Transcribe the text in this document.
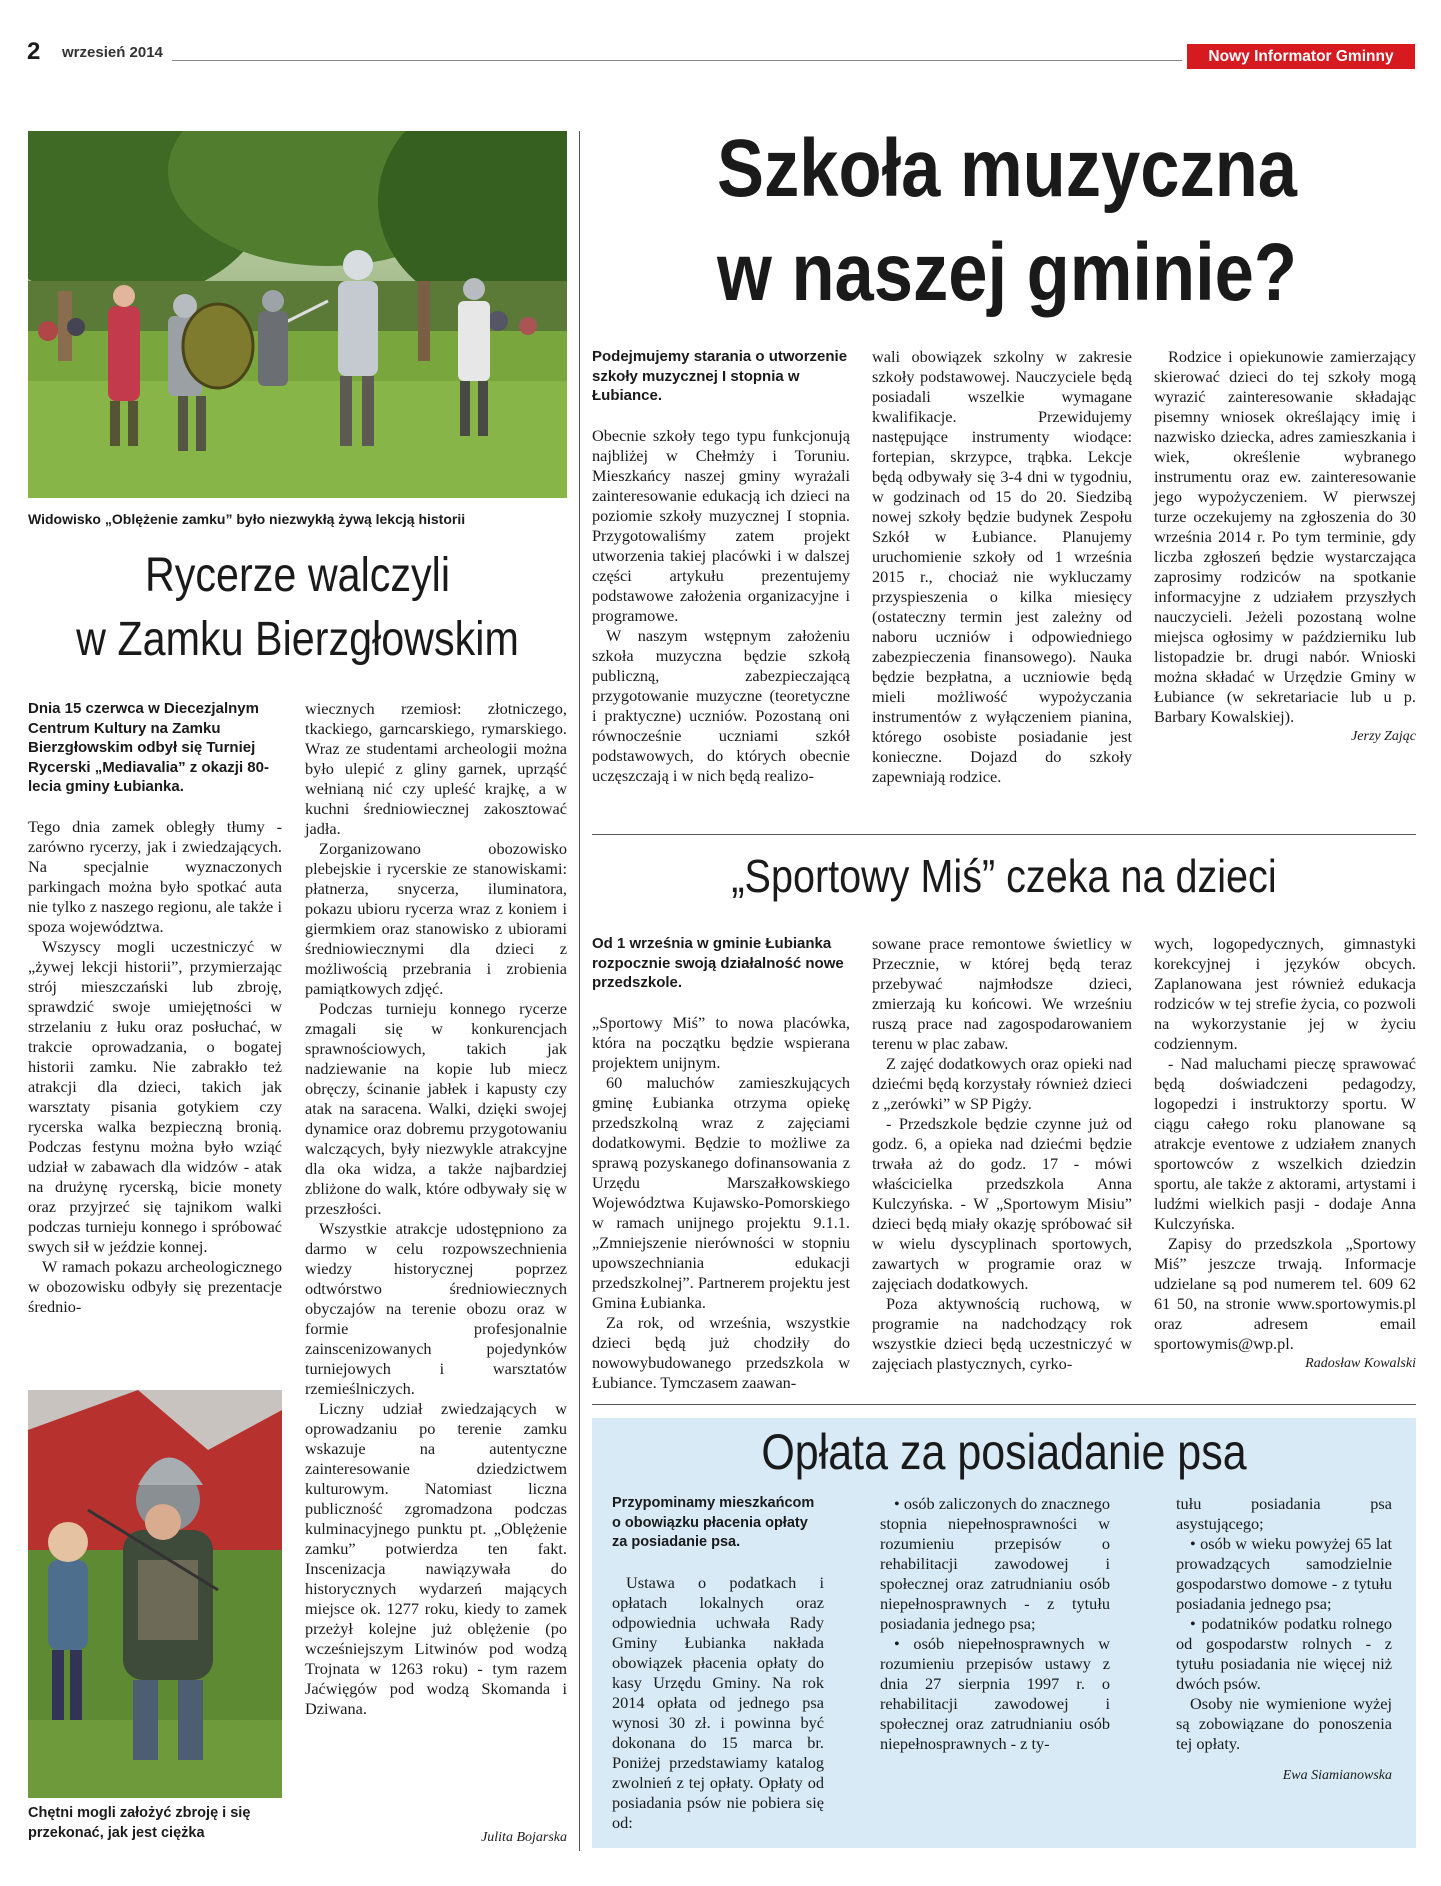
2 wrzesień 2014	Nowy Informator Gminny
Widowisko „Oblężenie zamku” było niezwykłą żywą lekcją historii
Rycerze walczyli
w Zamku Bierzgłowskim
Dnia 15 czerwca w Diecezjalnym Centrum Kultury na Zamku Bierzgłowskim odbył się Turniej Rycerski „Mediavalia” z okazji 80-lecia gminy Łubianka.

Tego dnia zamek obległy tłumy - zarówno rycerzy, jak i zwiedzających. Na specjalnie wyznaczonych parkingach można było spotkać auta nie tylko z naszego regionu, ale także i spoza województwa.

Wszyscy mogli uczestniczyć w „żywej lekcji historii”, przymierzając strój mieszczański lub zbroję, sprawdzić swoje umiejętności w strzelaniu z łuku oraz posłuchać, w trakcie oprowadzania, o bogatej historii zamku. Nie zabrakło też atrakcji dla dzieci, takich jak warsztaty pisania gotykiem czy rycerska walka bezpieczną bronią. Podczas festynu można było wziąć udział w zabawach dla widzów - atak na drużynę rycerską, bicie monety oraz przyjrzeć się tajnikom walki podczas turnieju konnego i spróbować swych sił w jeździe konnej.

W ramach pokazu archeologicznego w obozowisku odbyły się prezentacje średnio-

Chętni mogli założyć zbroję i się przekonać, jak jest ciężka

wiecznych rzemiosł: złotniczego, tkackiego, garncarskiego, rymarskiego. Wraz ze studentami archeologii można było ulepić z gliny garnek, uprząść wełnianą nić czy upleść krajkę, a w kuchni średniowiecznej zakosztować jadła.

Zorganizowano obozowisko plebejskie i rycerskie ze stanowiskami: płatnerza, snycerza, iluminatora, pokazu ubioru rycerza wraz z koniem i giermkiem oraz stanowisko z ubiorami średniowiecznymi dla dzieci z możliwością przebrania i zrobienia pamiątkowych zdjęć.

Podczas turnieju konnego rycerze zmagali się w konkurencjach sprawnościowych, takich jak nadziewanie na kopie lub miecz obręczy, ścinanie jabłek i kapusty czy atak na saracena. Walki, dzięki swojej dynamice oraz dobremu przygotowaniu walczących, były niezwykle atrakcyjne dla oka widza, a także najbardziej zbliżone do walk, które odbywały się w przeszłości.

Wszystkie atrakcje udostępniono za darmo w celu rozpowszechnienia wiedzy historycznej poprzez odtwórstwo średniowiecznych obyczajów na terenie obozu oraz w formie profesjonalnie zainscenizowanych pojedynków turniejowych i warsztatów rzemieślniczych.

Liczny udział zwiedzających w oprowadzaniu po terenie zamku wskazuje na autentyczne zainteresowanie dziedzictwem kulturowym. Natomiast liczna publiczność zgromadzona podczas kulminacyjnego punktu pt. „Oblężenie zamku” potwierdza ten fakt. Inscenizacja nawiązywała do historycznych wydarzeń mających miejsce ok. 1277 roku, kiedy to zamek przeżył kolejne już oblężenie (po wcześniejszym Litwinów pod wodzą Trojnata w 1263 roku) - tym razem Jaćwięgów pod wodzą Skomanda i Dziwana.

Julita Bojarska
Szkoła muzyczna
w naszej gminie?
Podejmujemy starania o utworzenie szkoły muzycznej I stopnia w Łubiance.

Obecnie szkoły tego typu funkcjonują najbliżej w Chełmży i Toruniu. Mieszkańcy naszej gminy wyrażali zainteresowanie edukacją ich dzieci na poziomie szkoły muzycznej I stopnia. Przygotowaliśmy zatem projekt utworzenia takiej placówki i w dalszej części artykułu prezentujemy podstawowe założenia organizacyjne i programowe.

W naszym wstępnym założeniu szkoła muzyczna będzie szkołą publiczną, zabezpieczającą przygotowanie muzyczne (teoretyczne i praktyczne) uczniów. Pozostaną oni równocześnie uczniami szkół podstawowych, do których obecnie uczęszczają i w nich będą realizo-

wali obowiązek szkolny w zakresie szkoły podstawowej. Nauczyciele będą posiadali wszelkie wymagane kwalifikacje. Przewidujemy następujące instrumenty wiodące: fortepian, skrzypce, trąbka. Lekcje będą odbywały się 3-4 dni w tygodniu, w godzinach od 15 do 20. Siedzibą nowej szkoły będzie budynek Zespołu Szkół w Łubiance. Planujemy uruchomienie szkoły od 1 września 2015 r., chociaż nie wykluczamy przyspieszenia o kilka miesięcy (ostateczny termin jest zależny od naboru uczniów i odpowiedniego zabezpieczenia finansowego). Nauka będzie bezpłatna, a uczniowie będą mieli możliwość wypożyczania instrumentów z wyłączeniem pianina, którego osobiste posiadanie jest konieczne. Dojazd do szkoły zapewniają rodzice.

Rodzice i opiekunowie zamierzający skierować dzieci do tej szkoły mogą wyrazić zainteresowanie składając pisemny wniosek określający imię i nazwisko dziecka, adres zamieszkania i wiek, określenie wybranego instrumentu oraz ew. zainteresowanie jego wypożyczeniem. W pierwszej turze oczekujemy na zgłoszenia do 30 września 2014 r. Po tym terminie, gdy liczba zgłoszeń będzie wystarczająca zaprosimy rodziców na spotkanie informacyjne z udziałem przyszłych nauczycieli. Jeżeli pozostaną wolne miejsca ogłosimy w październiku lub listopadzie br. drugi nabór. Wnioski można składać w Urzędzie Gminy w Łubiance (w sekretariacie lub u p. Barbary Kowalskiej).

Jerzy Zając
„Sportowy Miś” czeka na dzieci
Od 1 września w gminie Łubianka rozpocznie swoją działalność nowe przedszkole.

„Sportowy Miś” to nowa placówka, która na początku będzie wspierana projektem unijnym.

60 maluchów zamieszkujących gminę Łubianka otrzyma opiekę przedszkolną wraz z zajęciami dodatkowymi. Będzie to możliwe za sprawą pozyskanego dofinansowania z Urzędu Marszałkowskiego Województwa Kujawsko-Pomorskiego w ramach unijnego projektu 9.1.1. „Zmniejszenie nierówności w stopniu upowszechniania edukacji przedszkolnej”. Partnerem projektu jest Gmina Łubianka.

Za rok, od września, wszystkie dzieci będą już chodziły do nowowybudowanego przedszkola w Łubiance. Tymczasem zaawan-

sowane prace remontowe świetlicy w Przecznie, w której będą teraz przebywać najmłodsze dzieci, zmierzają ku końcowi. We wrześniu ruszą prace nad zagospodarowaniem terenu w plac zabaw.

Z zajęć dodatkowych oraz opieki nad dziećmi będą korzystały również dzieci z „zerówki” w SP Pigży.

- Przedszkole będzie czynne już od godz. 6, a opieka nad dziećmi będzie trwała aż do godz. 17 - mówi właścicielka przedszkola Anna Kulczyńska. - W „Sportowym Misiu” dzieci będą miały okazję spróbować sił w wielu dyscyplinach sportowych, zawartych w programie oraz w zajęciach dodatkowych.

Poza aktywnością ruchową, w programie na nadchodzący rok wszystkie dzieci będą uczestniczyć w zajęciach plastycznych, cyrko-

wych, logopedycznych, gimnastyki korekcyjnej i języków obcych. Zaplanowana jest również edukacja rodziców w tej strefie życia, co pozwoli na wykorzystanie jej w życiu codziennym.

- Nad maluchami pieczę sprawować będą doświadczeni pedagodzy, logopedzi i instruktorzy sportu. W ciągu całego roku planowane są atrakcje eventowe z udziałem znanych sportowców z wszelkich dziedzin sportu, ale także z aktorami, artystami i ludźmi wielkich pasji - dodaje Anna Kulczyńska.

Zapisy do przedszkola „Sportowy Miś” jeszcze trwają. Informacje udzielane są pod numerem tel. 609 62 61 50, na stronie www.sportowymis.pl oraz adresem email sportowymis@wp.pl.

Radosław Kowalski
Opłata za posiadanie psa
Przypominamy mieszkańcom o obowiązku płacenia opłaty za posiadanie psa.

Ustawa o podatkach i opłatach lokalnych oraz odpowiednia uchwała Rady Gminy Łubianka nakłada obowiązek płacenia opłaty do kasy Urzędu Gminy. Na rok 2014 opłata od jednego psa wynosi 30 zł. i powinna być dokonana do 15 marca br. Poniżej przedstawiamy katalog zwolnień z tej opłaty. Opłaty od posiadania psów nie pobiera się od:

• osób zaliczonych do znacznego stopnia niepełnosprawności w rozumieniu przepisów o rehabilitacji zawodowej i społecznej oraz zatrudnianiu osób niepełnosprawnych - z tytułu posiadania jednego psa;
• osób niepełnosprawnych w rozumieniu przepisów ustawy z dnia 27 sierpnia 1997 r. o rehabilitacji zawodowej i społecznej oraz zatrudnianiu osób niepełnosprawnych - z ty-
tułu posiadania psa asystującego;
• osób w wieku powyżej 65 lat prowadzących samodzielnie gospodarstwo domowe - z tytułu posiadania jednego psa;
• podatników podatku rolnego od gospodarstw rolnych - z tytułu posiadania nie więcej niż dwóch psów.
Osoby nie wymienione wyżej są zobowiązane do ponoszenia tej opłaty.
Ewa Siamianowska
